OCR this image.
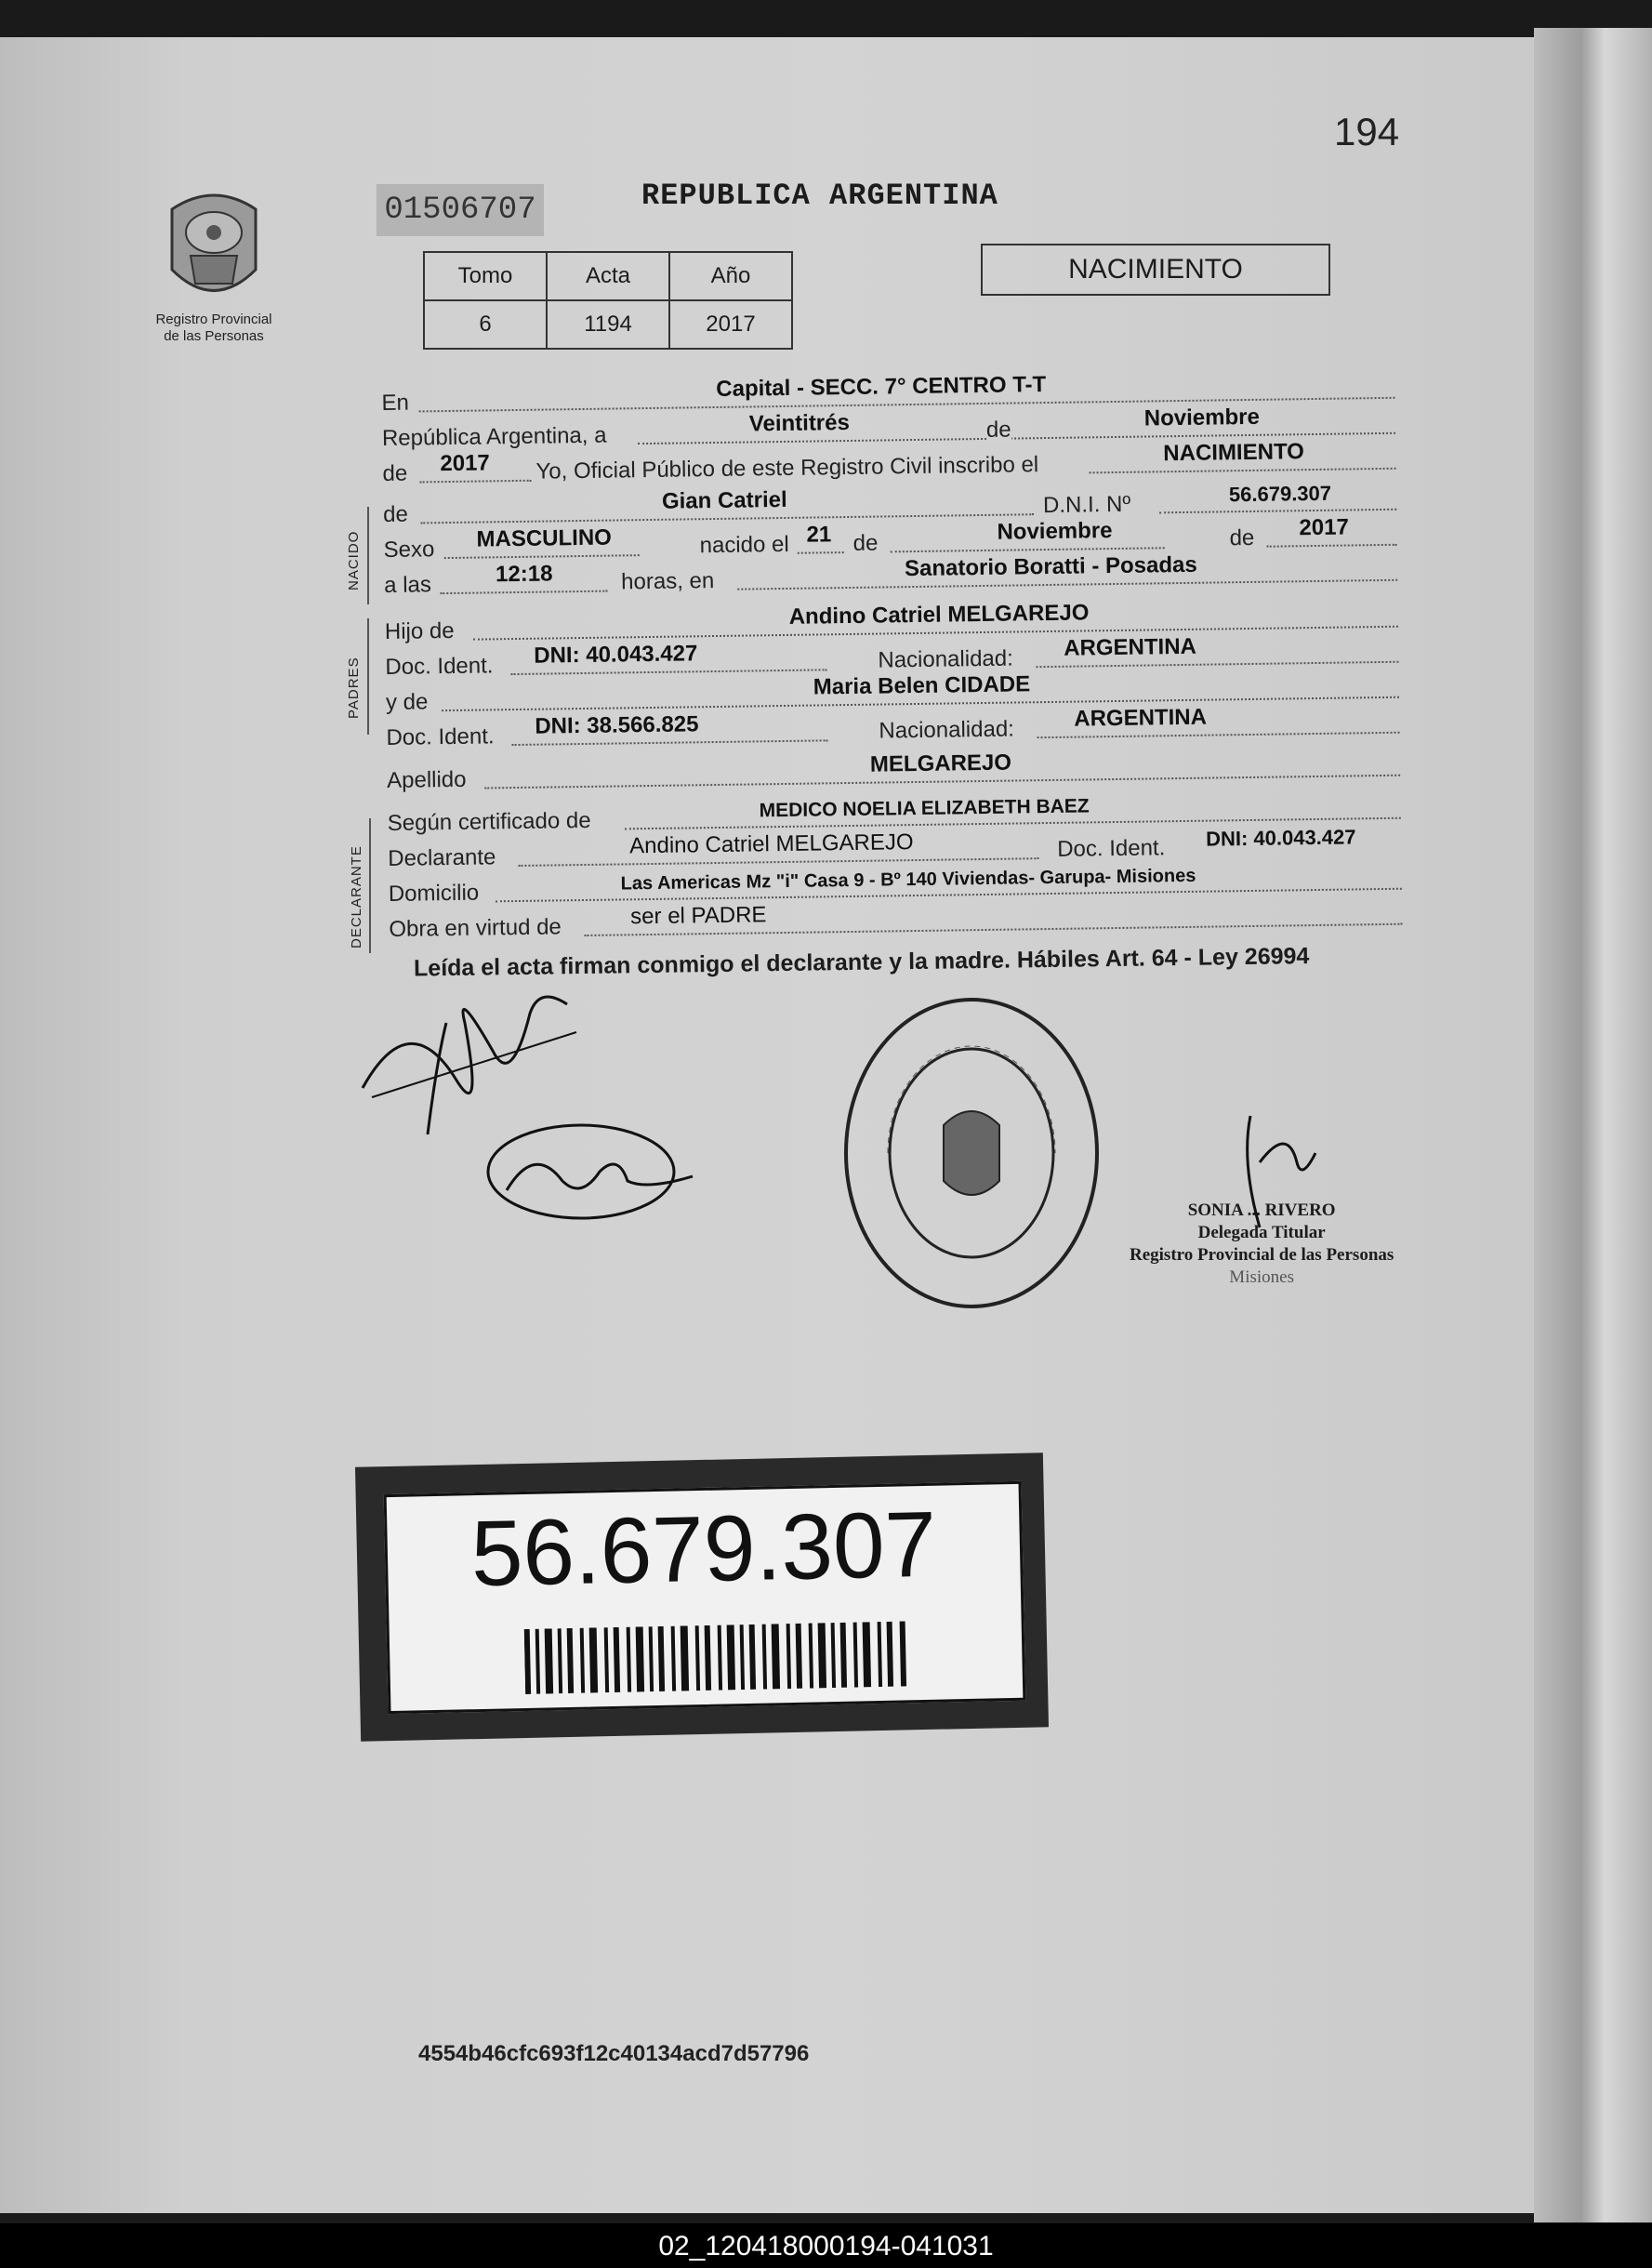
194
Registro Provincial
de las Personas
01506707	REPUBLICA ARGENTINA
Tomo	Acta	Año
6	1194	2017
NACIMIENTO
NACIDO
PADRES
DECLARANTE
En
Capital - SECC. 7° CENTRO T-T
República Argentina, a	Veintitrés	de	Noviembre
de 2017 Yo, Oficial Público de este Registro Civil inscribo el	NACIMIENTO
de
Gian Catriel	D.N.I. Nº	56.679.307
Sexo MASCULINO	nacido el 21 de	Noviembre	de 2017
a las	12:18	horas, en
Sanatorio Boratti - Posadas
Hijo de
Andino Catriel MELGAREJO
Doc. Ident. DNI: 40.043.427	Nacionalidad: ARGENTINA
y de
Maria Belen CIDADE
Doc. Ident. DNI: 38.566.825	Nacionalidad:	ARGENTINA
Apellido
MELGAREJO
Según certificado de	MEDICO NOELIA ELIZABETH BAEZ
Declarante	Andino Catriel MELGAREJO	Doc. Ident. DNI: 40.043.427
Domicilio	Las Americas Mz "i" Casa 9 - Bº 140 Viviendas- Garupa- Misiones
Obra en virtud de	ser el PADRE
Leída el acta firman conmigo el declarante y la madre. Hábiles Art. 64 - Ley 26994
SONIA ... RIVERO
Delegada Titular
Registro Provincial de las Personas
Misiones
56.679.307
4554b46cfc693f12c40134acd7d57796
02_120418000194-041031
